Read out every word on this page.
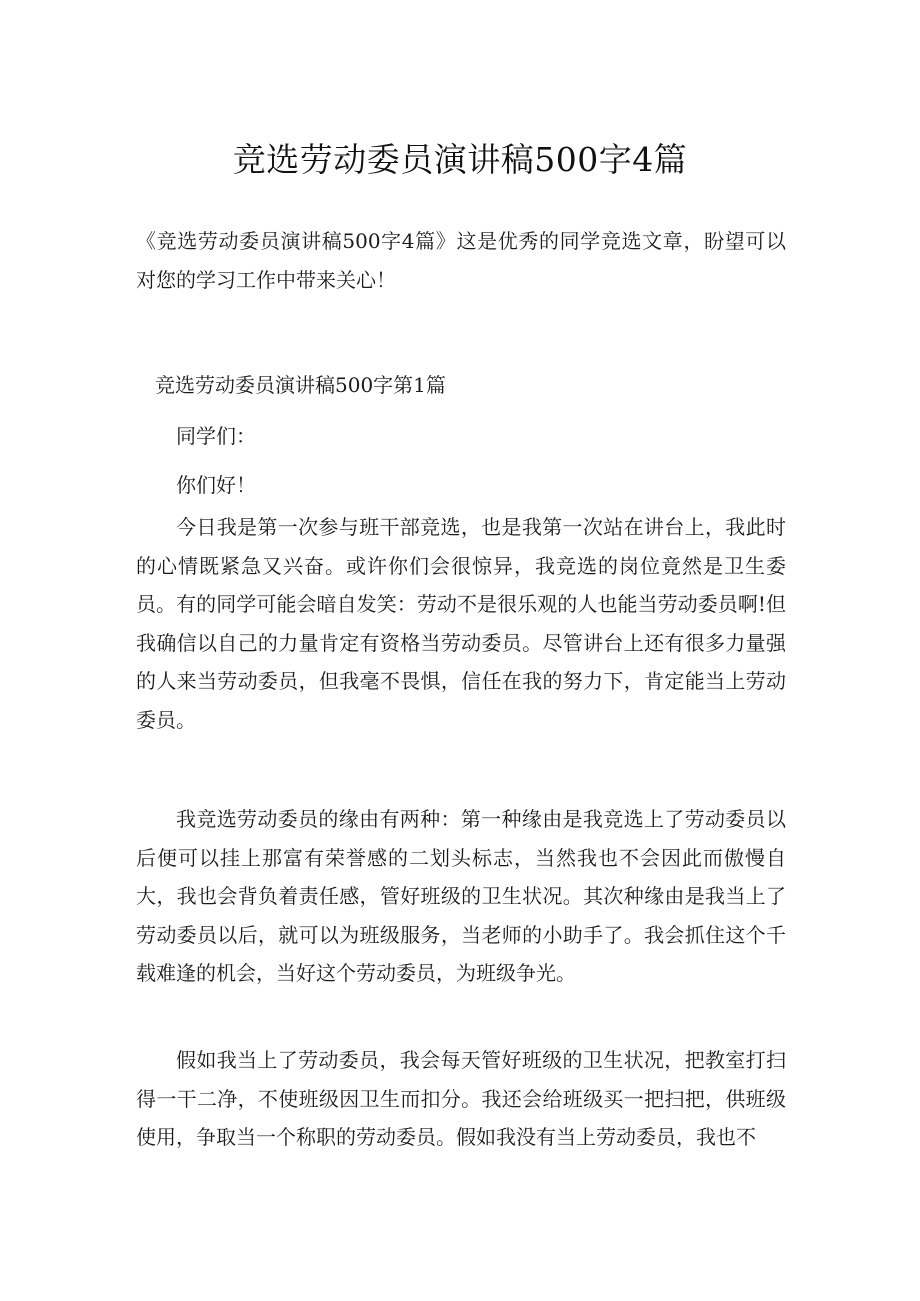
竞选劳动委员演讲稿500字4篇
《竞选劳动委员演讲稿500字4篇》这是优秀的同学竞选文章，盼望可以对您的学习工作中带来关心！
竞选劳动委员演讲稿500字第1篇

同学们：

你们好！

今日我是第一次参与班干部竞选，也是我第一次站在讲台上，我此时的心情既紧急又兴奋。或许你们会很惊异，我竞选的岗位竟然是卫生委员。有的同学可能会暗自发笑：劳动不是很乐观的人也能当劳动委员啊!但我确信以自己的力量肯定有资格当劳动委员。尽管讲台上还有很多力量强的人来当劳动委员，但我毫不畏惧，信任在我的努力下，肯定能当上劳动委员。

我竞选劳动委员的缘由有两种：第一种缘由是我竞选上了劳动委员以后便可以挂上那富有荣誉感的二划头标志，当然我也不会因此而傲慢自大，我也会背负着责任感，管好班级的卫生状况。其次种缘由是我当上了劳动委员以后，就可以为班级服务，当老师的小助手了。我会抓住这个千载难逢的机会，当好这个劳动委员，为班级争光。

假如我当上了劳动委员，我会每天管好班级的卫生状况，把教室打扫得一干二净，不使班级因卫生而扣分。我还会给班级买一把扫把，供班级使用，争取当一个称职的劳动委员。假如我没有当上劳动委员，我也不
